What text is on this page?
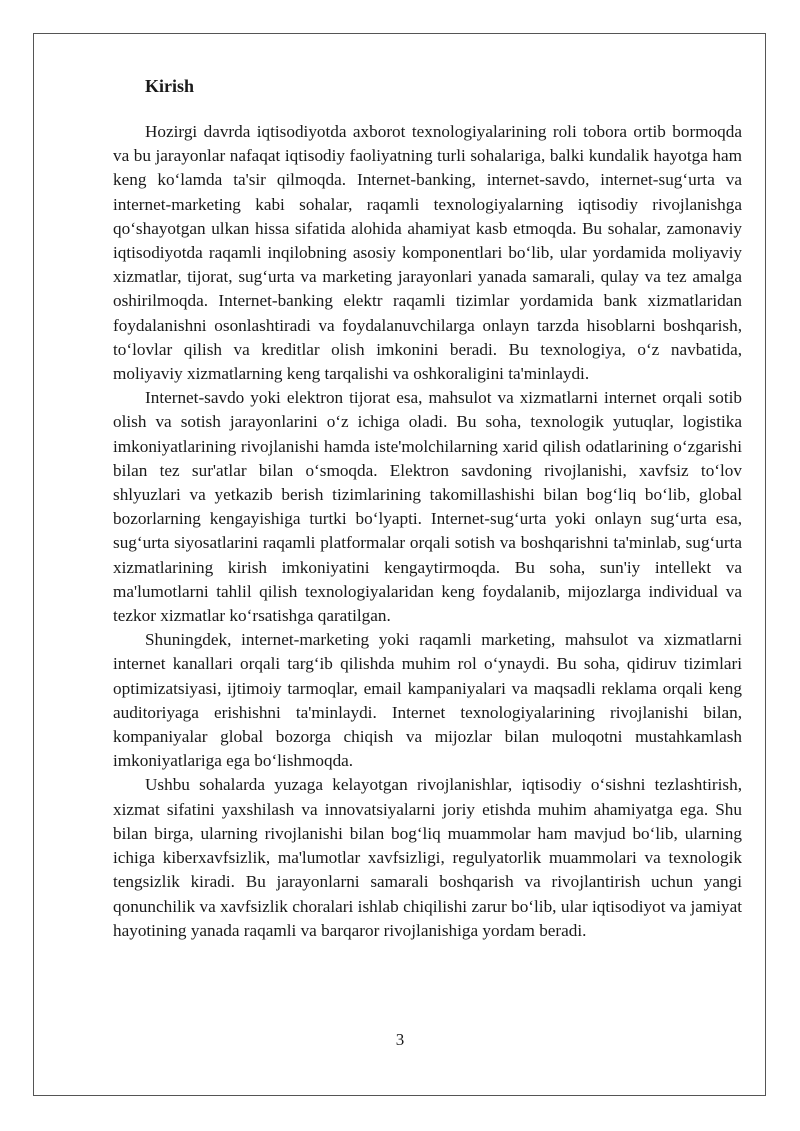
Kirish

Hozirgi davrda iqtisodiyotda axborot texnologiyalarining roli tobora ortib bormoqda va bu jarayonlar nafaqat iqtisodiy faoliyatning turli sohalariga, balki kundalik hayotga ham keng ko‘lamda ta'sir qilmoqda. Internet-banking, internet-savdo, internet-sug‘urta va internet-marketing kabi sohalar, raqamli texnologiyalarning iqtisodiy rivojlanishga qo‘shayotgan ulkan hissa sifatida alohida ahamiyat kasb etmoqda. Bu sohalar, zamonaviy iqtisodiyotda raqamli inqilobning asosiy komponentlari bo‘lib, ular yordamida moliyaviy xizmatlar, tijorat, sug‘urta va marketing jarayonlari yanada samarali, qulay va tez amalga oshirilmoqda. Internet-banking elektr raqamli tizimlar yordamida bank xizmatlaridan foydalanishni osonlashtiradi va foydalanuvchilarga onlayn tarzda hisoblarni boshqarish, to‘lovlar qilish va kreditlar olish imkonini beradi. Bu texnologiya, o‘z navbatida, moliyaviy xizmatlarning keng tarqalishi va oshkoraligini ta'minlaydi.

Internet-savdo yoki elektron tijorat esa, mahsulot va xizmatlarni internet orqali sotib olish va sotish jarayonlarini o‘z ichiga oladi. Bu soha, texnologik yutuqlar, logistika imkoniyatlarining rivojlanishi hamda iste'molchilarning xarid qilish odatlarining o‘zgarishi bilan tez sur'atlar bilan o‘smoqda. Elektron savdoning rivojlanishi, xavfsiz to‘lov shlyuzlari va yetkazib berish tizimlarining takomillashishi bilan bog‘liq bo‘lib, global bozorlarning kengayishiga turtki bo‘lyapti. Internet-sug‘urta yoki onlayn sug‘urta esa, sug‘urta siyosatlarini raqamli platformalar orqali sotish va boshqarishni ta'minlab, sug‘urta xizmatlarining kirish imkoniyatini kengaytirmoqda. Bu soha, sun'iy intellekt va ma'lumotlarni tahlil qilish texnologiyalaridan keng foydalanib, mijozlarga individual va tezkor xizmatlar ko‘rsatishga qaratilgan.

Shuningdek, internet-marketing yoki raqamli marketing, mahsulot va xizmatlarni internet kanallari orqali targ‘ib qilishda muhim rol o‘ynaydi. Bu soha, qidiruv tizimlari optimizatsiyasi, ijtimoiy tarmoqlar, email kampaniyalari va maqsadli reklama orqali keng auditoriyaga erishishni ta'minlaydi. Internet texnologiyalarining rivojlanishi bilan, kompaniyalar global bozorga chiqish va mijozlar bilan muloqotni mustahkamlash imkoniyatlariga ega bo‘lishmoqda.

Ushbu sohalarda yuzaga kelayotgan rivojlanishlar, iqtisodiy o‘sishni tezlashtirish, xizmat sifatini yaxshilash va innovatsiyalarni joriy etishda muhim ahamiyatga ega. Shu bilan birga, ularning rivojlanishi bilan bog‘liq muammolar ham mavjud bo‘lib, ularning ichiga kiberxavfsizlik, ma'lumotlar xavfsizligi, regulyatorlik muammolari va texnologik tengsizlik kiradi. Bu jarayonlarni samarali boshqarish va rivojlantirish uchun yangi qonunchilik va xavfsizlik choralari ishlab chiqilishi zarur bo‘lib, ular iqtisodiyot va jamiyat hayotining yanada raqamli va barqaror rivojlanishiga yordam beradi.

3
